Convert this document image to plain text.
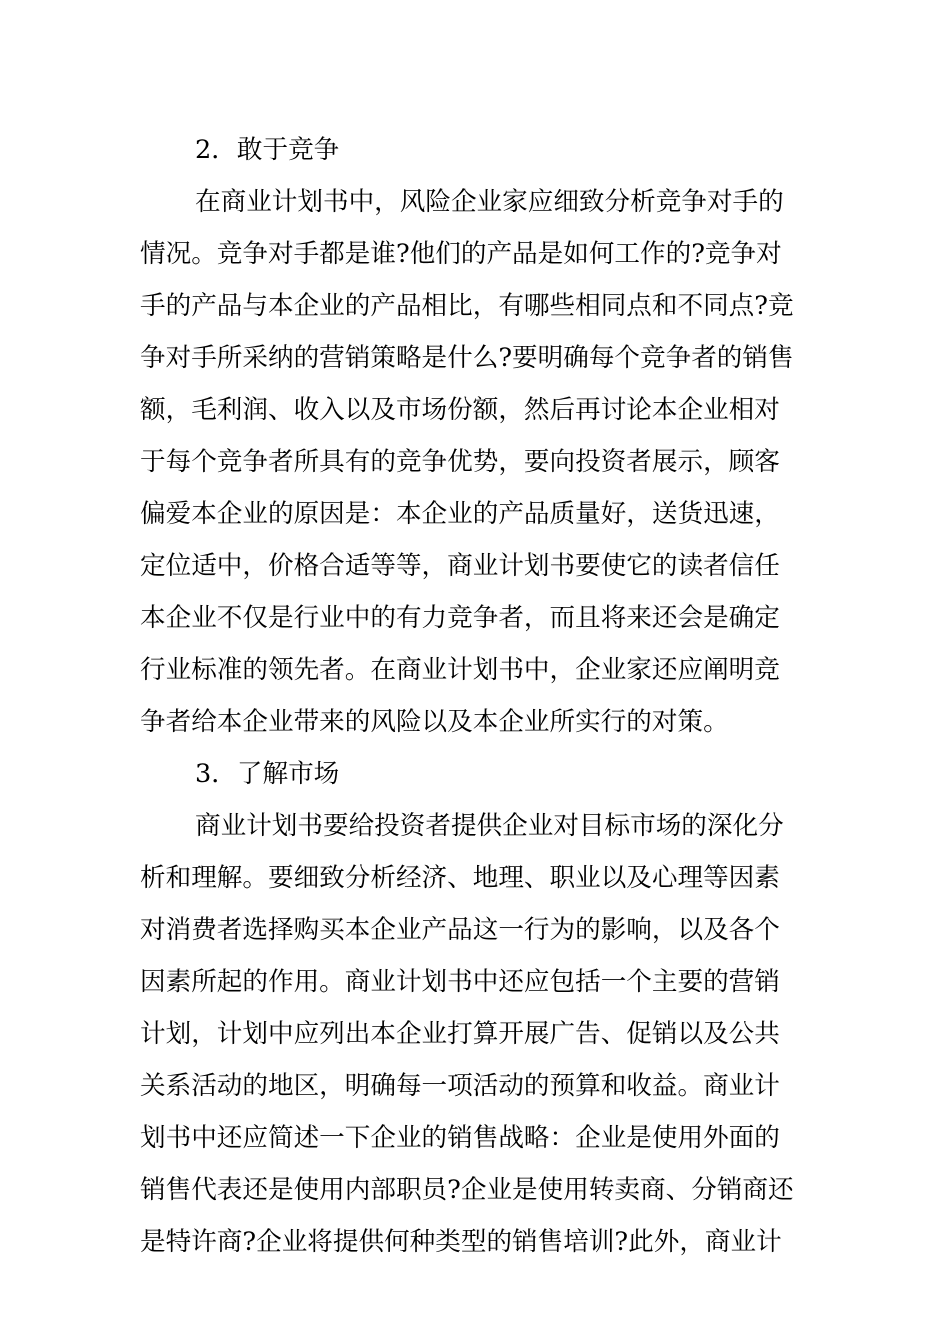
2．敢于竞争
在商业计划书中，风险企业家应细致分析竞争对手的
情况。竞争对手都是谁?他们的产品是如何工作的?竞争对
手的产品与本企业的产品相比，有哪些相同点和不同点?竞
争对手所采纳的营销策略是什么?要明确每个竞争者的销售
额，毛利润、收入以及市场份额，然后再讨论本企业相对
于每个竞争者所具有的竞争优势，要向投资者展示，顾客
偏爱本企业的原因是：本企业的产品质量好，送货迅速，
定位适中，价格合适等等，商业计划书要使它的读者信任
本企业不仅是行业中的有力竞争者，而且将来还会是确定
行业标准的领先者。在商业计划书中，企业家还应阐明竞
争者给本企业带来的风险以及本企业所实行的对策。
3．了解市场
商业计划书要给投资者提供企业对目标市场的深化分
析和理解。要细致分析经济、地理、职业以及心理等因素
对消费者选择购买本企业产品这一行为的影响，以及各个
因素所起的作用。商业计划书中还应包括一个主要的营销
计划，计划中应列出本企业打算开展广告、促销以及公共
关系活动的地区，明确每一项活动的预算和收益。商业计
划书中还应简述一下企业的销售战略：企业是使用外面的
销售代表还是使用内部职员?企业是使用转卖商、分销商还
是特许商?企业将提供何种类型的销售培训?此外，商业计
